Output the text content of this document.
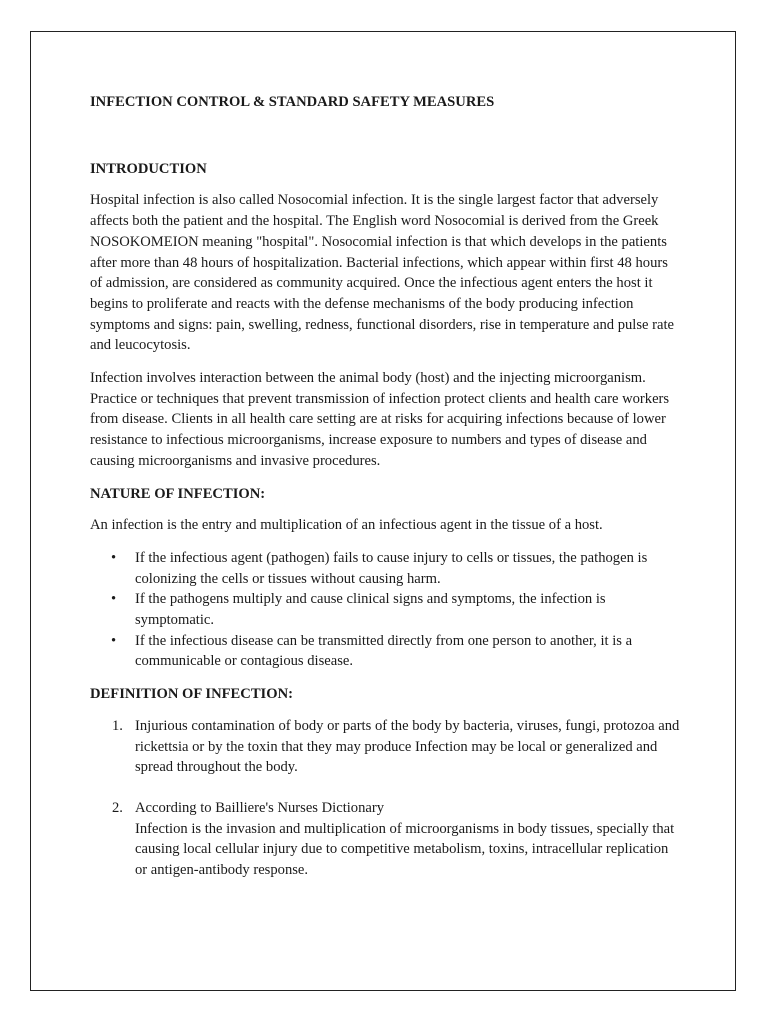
INFECTION CONTROL & STANDARD SAFETY MEASURES
INTRODUCTION

Hospital infection is also called Nosocomial infection. It is the single largest factor that adversely affects both the patient and the hospital. The English word Nosocomial is derived from the Greek NOSOKOMEION meaning "hospital". Nosocomial infection is that which develops in the patients after more than 48 hours of hospitalization. Bacterial infections, which appear within first 48 hours of admission, are considered as community acquired. Once the infectious agent enters the host it begins to proliferate and reacts with the defense mechanisms of the body producing infection symptoms and signs: pain, swelling, redness, functional disorders, rise in temperature and pulse rate and leucocytosis.

Infection involves interaction between the animal body (host) and the injecting microorganism. Practice or techniques that prevent transmission of infection protect clients and health care workers from disease. Clients in all health care setting are at risks for acquiring infections because of lower resistance to infectious microorganisms, increase exposure to numbers and types of disease and causing microorganisms and invasive procedures.

NATURE OF INFECTION:

An infection is the entry and multiplication of an infectious agent in the tissue of a host.

• If the infectious agent (pathogen) fails to cause injury to cells or tissues, the pathogen is colonizing the cells or tissues without causing harm.
• If the pathogens multiply and cause clinical signs and symptoms, the infection is symptomatic.
• If the infectious disease can be transmitted directly from one person to another, it is a communicable or contagious disease.
DEFINITION OF INFECTION:
1. Injurious contamination of body or parts of the body by bacteria, viruses, fungi, protozoa and rickettsia or by the toxin that they may produce Infection may be local or generalized and spread throughout the body.
2. According to Bailliere's Nurses Dictionary
Infection is the invasion and multiplication of microorganisms in body tissues, specially that causing local cellular injury due to competitive metabolism, toxins, intracellular replication or antigen-antibody response.
